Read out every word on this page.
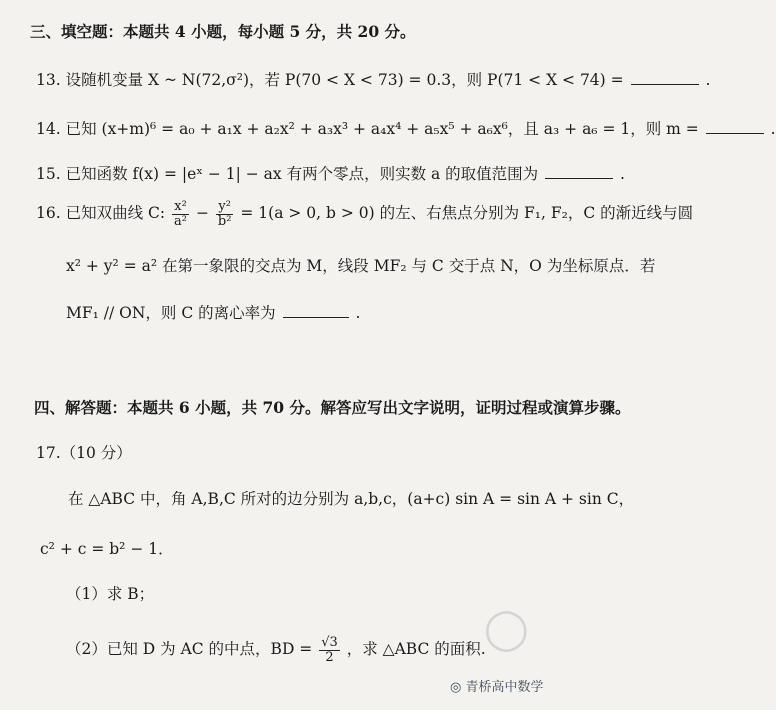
◯
三、填空题：本题共 4 小题，每小题 5 分，共 20 分。
13. 设随机变量 X ~ N(72,σ²)，若 P(70 < X < 73) = 0.3，则 P(71 < X < 74) =	.
14. 已知 (x+m)⁶ = a₀ + a₁x + a₂x² + a₃x³ + a₄x⁴ + a₅x⁵ + a₆x⁶，且 a₃ + a₆ = 1，则 m =	.
15. 已知函数 f(x) = |eˣ − 1| − ax 有两个零点，则实数 a 的取值范围为	.
16. 已知双曲线 C: $\frac{\text{x²}}{\text{a²}} - \frac{\text{y²}}{\text{b²}} = 1(a > 0$, b > 0) 的左、右焦点分别为 F₁, F₂，C 的渐近线与圆
x² + y² = a² 在第一象限的交点为 M，线段 MF₂ 与 C 交于点 N，O 为坐标原点．若
MF₁ // ON，则 C 的离心率为	.
四、解答题：本题共 6 小题，共 70 分。解答应写出文字说明，证明过程或演算步骤。
17.（10 分）
在 △ABC 中，角 A,B,C 所对的边分别为 a,b,c，(a+c) sin A = sin A + sin C，
c² + c = b² − 1．
（1）求 B；
（2）已知 D 为 AC 的中点，BD = $\frac{√3}{2}$ ，求 △ABC 的面积.
◎ 青桥高中数学
